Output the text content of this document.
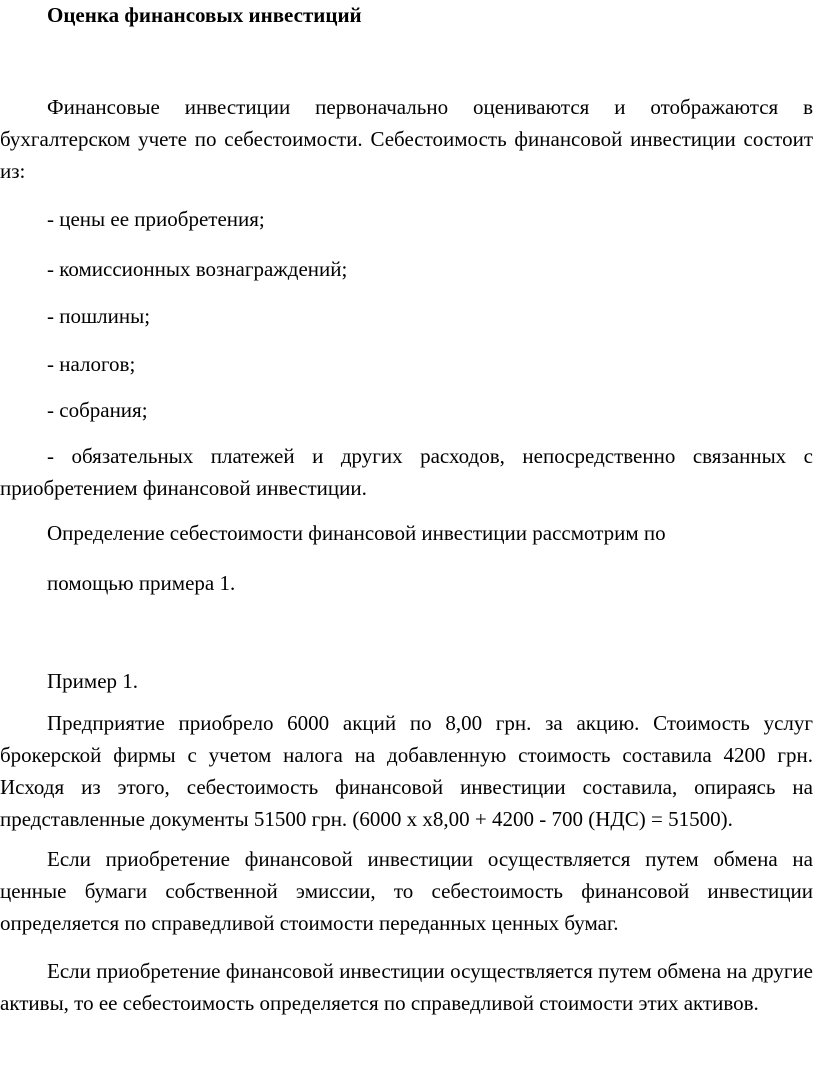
Оценка финансовых инвестиций

Финансовые инвестиции первоначально оцениваются и отображаются в бухгалтерском учете по себестоимости. Себестоимость финансовой инвестиции состоит из:

- цены ее приобретения;

- комиссионных вознаграждений;

- пошлины;

- налогов;

- собрания;

- обязательных платежей и других расходов, непосредственно связанных с приобретением финансовой инвестиции.

Определение себестоимости финансовой инвестиции рассмотрим по

помощью примера 1.

Пример 1.

Предприятие приобрело 6000 акций по 8,00 грн. за акцию. Стоимость услуг брокерской фирмы с учетом налога на добавленную стоимость составила 4200 грн. Исходя из этого, себестоимость финансовой инвестиции составила, опираясь на представленные документы 51500 грн. (6000 х х8,00 + 4200 - 700 (НДС) = 51500).

Если приобретение финансовой инвестиции осуществляется путем обмена на ценные бумаги собственной эмиссии, то себестоимость финансовой инвестиции определяется по справедливой стоимости переданных ценных бумаг.

Если приобретение финансовой инвестиции осуществляется путем обмена на другие активы, то ее себестоимость определяется по справедливой стоимости этих активов.
